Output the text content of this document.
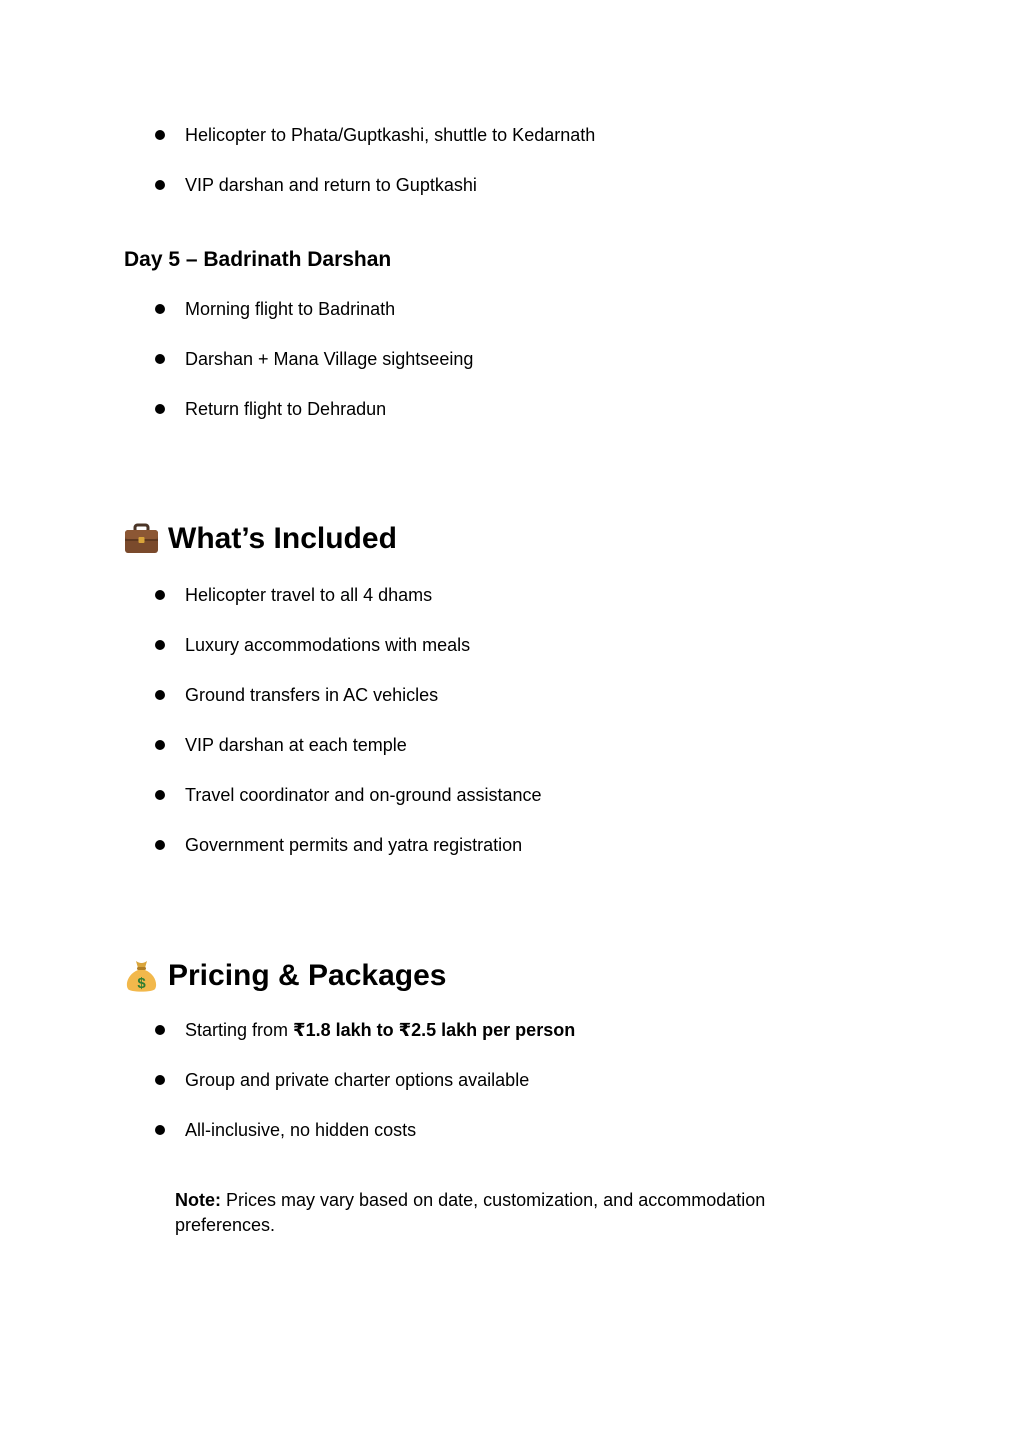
Helicopter to Phata/Guptkashi, shuttle to Kedarnath
VIP darshan and return to Guptkashi
Day 5 – Badrinath Darshan
Morning flight to Badrinath
Darshan + Mana Village sightseeing
Return flight to Dehradun
What’s Included
Helicopter travel to all 4 dhams
Luxury accommodations with meals
Ground transfers in AC vehicles
VIP darshan at each temple
Travel coordinator and on-ground assistance
Government permits and yatra registration
$ Pricing & Packages
Starting from ₹1.8 lakh to ₹2.5 lakh per person
Group and private charter options available
All-inclusive, no hidden costs
Note: Prices may vary based on date, customization, and accommodation preferences.
